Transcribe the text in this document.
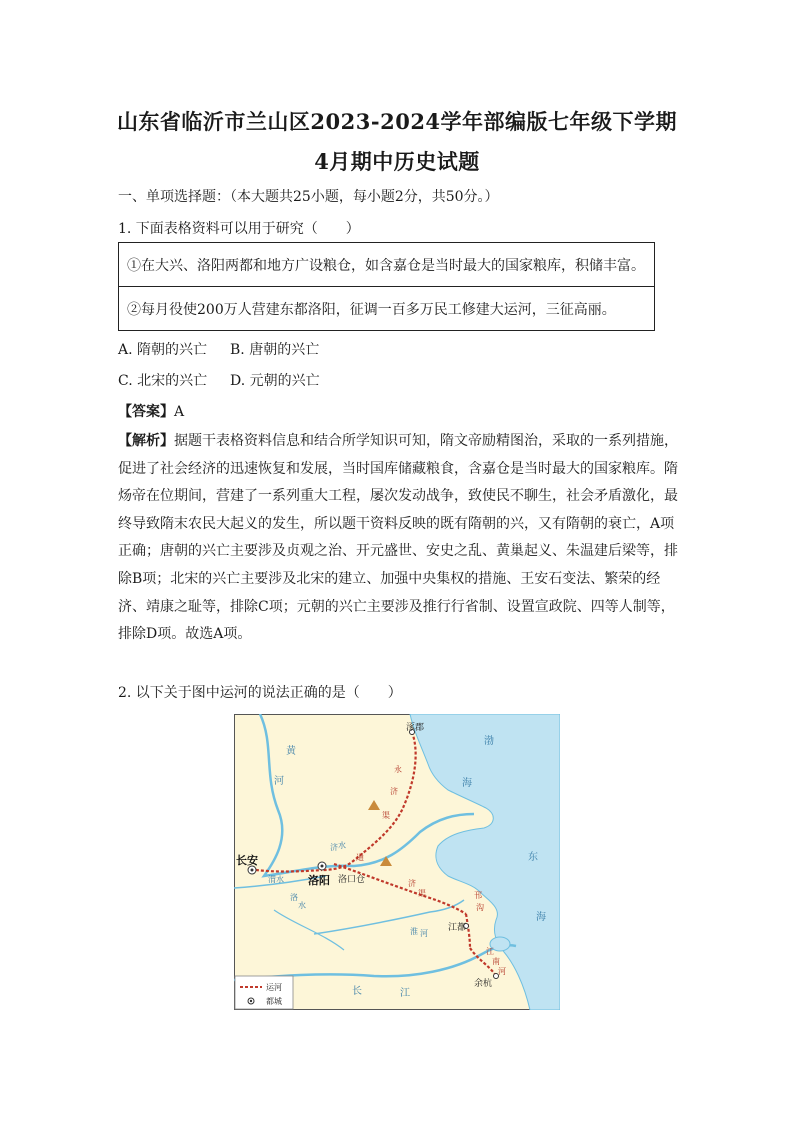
山东省临沂市兰山区2023-2024学年部编版七年级下学期
4月期中历史试题
一、单项选择题：（本大题共25小题，每小题2分，共50分。）
1. 下面表格资料可以用于研究（　　）
①在大兴、洛阳两都和地方广设粮仓，如含嘉仓是当时最大的国家粮库，积储丰富。
②每月役使200万人营建东都洛阳，征调一百多万民工修建大运河，三征高丽。
A. 隋朝的兴亡 B. 唐朝的兴亡
C. 北宋的兴亡 D. 元朝的兴亡
【答案】A
【解析】据题干表格资料信息和结合所学知识可知，隋文帝励精图治，采取的一系列措施，促进了社会经济的迅速恢复和发展，当时国库储藏粮食，含嘉仓是当时最大的国家粮库。隋炀帝在位期间，营建了一系列重大工程，屡次发动战争，致使民不聊生，社会矛盾激化，最终导致隋末农民大起义的发生，所以题干资料反映的既有隋朝的兴，又有隋朝的衰亡，A项正确；唐朝的兴亡主要涉及贞观之治、开元盛世、安史之乱、黄巢起义、朱温建后梁等，排除B项；北宋的兴亡主要涉及北宋的建立、加强中央集权的措施、王安石变法、繁荣的经济、靖康之耻等，排除C项；元朝的兴亡主要涉及推行行省制、设置宣政院、四等人制等，排除D项。故选A项。
2. 以下关于图中运河的说法正确的是（　　）
涿郡
长安
洛阳 洛口仓
江都
余杭
渤
海
东
海
黄
河
长	江
永
济
渠
通
济
渠	邗
沟
江
南
河
渭 水
洛
水
淮 河
济 水
运河
都城
